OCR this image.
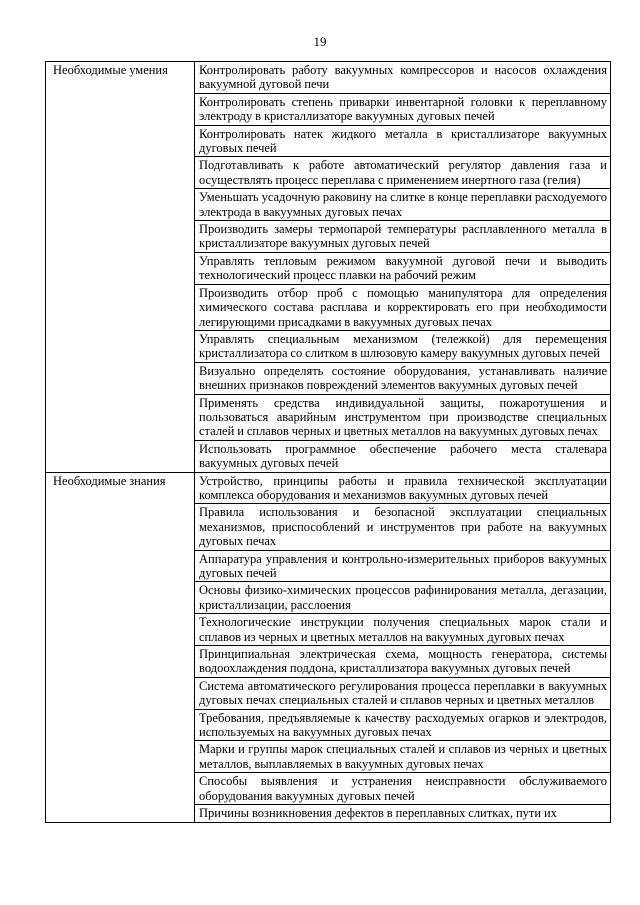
19
Необходимые умения	Контролировать работу вакуумных компрессоров и насосов охлаждения вакуумной дуговой печи
	Контролировать степень приварки инвентарной головки к переплавному электроду в кристаллизаторе вакуумных дуговых печей
	Контролировать натек жидкого металла в кристаллизаторе вакуумных дуговых печей
	Подготавливать к работе автоматический регулятор давления газа и осуществлять процесс переплава с применением инертного газа (гелия)
	Уменьшать усадочную раковину на слитке в конце переплавки расходуемого электрода в вакуумных дуговых печах
	Производить замеры термопарой температуры расплавленного металла в кристаллизаторе вакуумных дуговых печей
	Управлять тепловым режимом вакуумной дуговой печи и выводить технологический процесс плавки на рабочий режим
	Производить отбор проб с помощью манипулятора для определения химического состава расплава и корректировать его при необходимости легирующими присадками в вакуумных дуговых печах
	Управлять специальным механизмом (тележкой) для перемещения кристаллизатора со слитком в шлюзовую камеру вакуумных дуговых печей
	Визуально определять состояние оборудования, устанавливать наличие внешних признаков повреждений элементов вакуумных дуговых печей
	Применять средства индивидуальной защиты, пожаротушения и пользоваться аварийным инструментом при производстве специальных сталей и сплавов черных и цветных металлов на вакуумных дуговых печах
	Использовать программное обеспечение рабочего места сталевара вакуумных дуговых печей
Необходимые знания	Устройство, принципы работы и правила технической эксплуатации комплекса оборудования и механизмов вакуумных дуговых печей
	Правила использования и безопасной эксплуатации специальных механизмов, приспособлений и инструментов при работе на вакуумных дуговых печах
	Аппаратура управления и контрольно-измерительных приборов вакуумных дуговых печей
	Основы физико-химических процессов рафинирования металла, дегазации, кристаллизации, расслоения
	Технологические инструкции получения специальных марок стали и сплавов из черных и цветных металлов на вакуумных дуговых печах
	Принципиальная электрическая схема, мощность генератора, системы водоохлаждения поддона, кристаллизатора вакуумных дуговых печей
	Система автоматического регулирования процесса переплавки в вакуумных дуговых печах специальных сталей и сплавов черных и цветных металлов
	Требования, предъявляемые к качеству расходуемых огарков и электродов, используемых на вакуумных дуговых печах
	Марки и группы марок специальных сталей и сплавов из черных и цветных металлов, выплавляемых в вакуумных дуговых печах
	Способы выявления и устранения неисправности обслуживаемого оборудования вакуумных дуговых печей
	Причины возникновения дефектов в переплавных слитках, пути их
